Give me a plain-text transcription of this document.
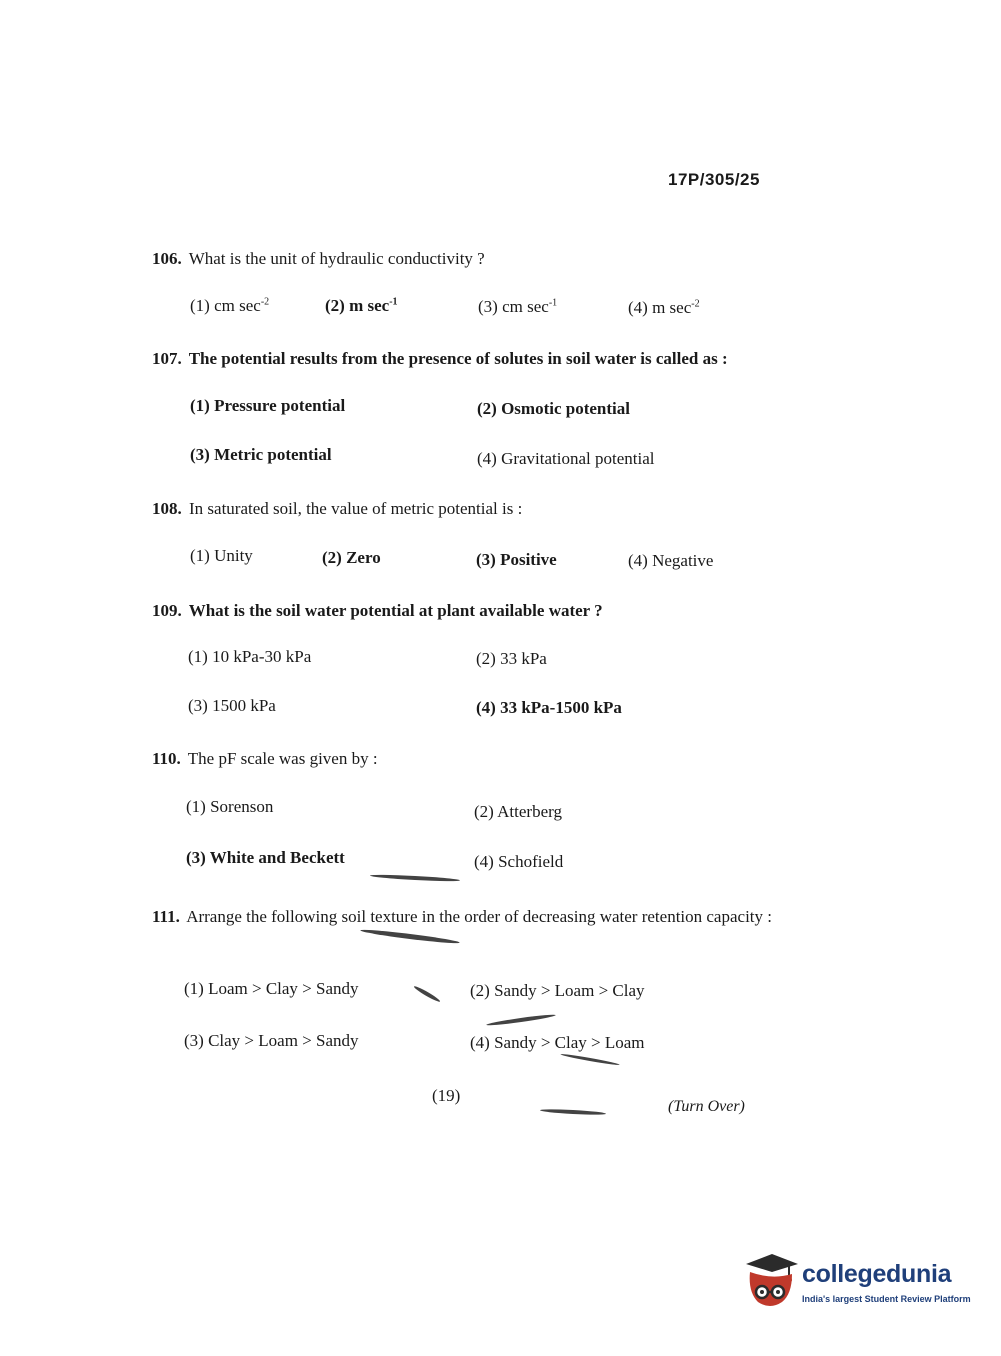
17P/305/25
106. What is the unit of hydraulic conductivity ?
(1) cm $\sec^{-2}$	(2) m $\sec^{-1}$	(3) cm $\sec^{-1}$	(4) m $\sec^{-2}$
107. The potential results from the presence of solutes in soil water is called as :
(1) Pressure potential	(2) Osmotic potential
(3) Metric potential	(4) Gravitational potential
108. In saturated soil, the value of metric potential is :
(1) Unity	(2) Zero	(3) Positive	(4) Negative
109. What is the soil water potential at plant available water ?
(1) 10 kPa-30 kPa	(2) 33 kPa
(3) 1500 kPa	(4) 33 kPa-1500 kPa
110. The pF scale was given by :
(1) Sorenson	(2) Atterberg
(3) White and Beckett	(4) Schofield
111. Arrange the following soil texture in the order of decreasing water retention capacity :
(1) Loam > Clay > Sandy	(2) Sandy > Loam > Clay
(3) Clay > Loam > Sandy	(4) Sandy > Clay > Loam
(19)
(Turn Over)
collegedunia
India's largest Student Review Platform
